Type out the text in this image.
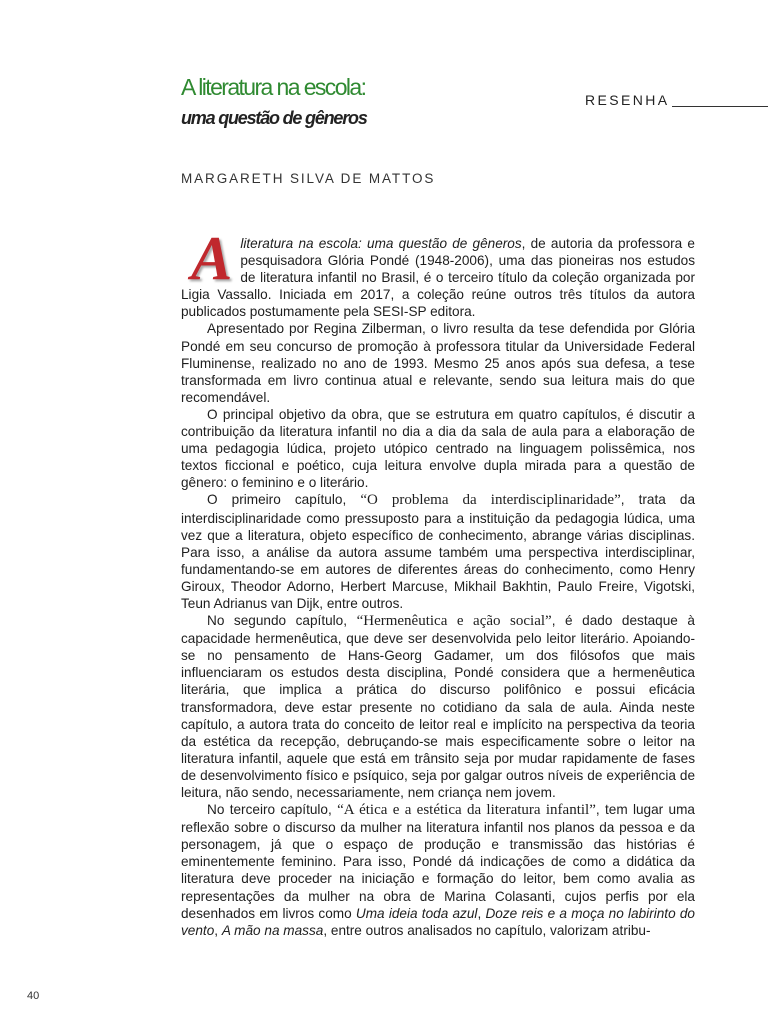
A literatura na escola:
uma questão de gêneros
RESENHA
MARGARETH SILVA DE MATTOS

Aliteratura na escola: uma questão de gêneros, de autoria da professora e pesquisadora Glória Pondé (1948-2006), uma das pioneiras nos estudos de literatura infantil no Brasil, é o terceiro título da coleção organizada por Ligia Vassallo. Iniciada em 2017, a coleção reúne outros três títulos da autora publicados postumamente pela SESI-SP editora.

Apresentado por Regina Zilberman, o livro resulta da tese defendida por Glória Pondé em seu concurso de promoção à professora titular da Universidade Federal Fluminense, realizado no ano de 1993. Mesmo 25 anos após sua defesa, a tese transformada em livro continua atual e relevante, sendo sua leitura mais do que recomendável.

O principal objetivo da obra, que se estrutura em quatro capítulos, é discutir a contribuição da literatura infantil no dia a dia da sala de aula para a elaboração de uma pedagogia lúdica, projeto utópico centrado na linguagem polissêmica, nos textos ficcional e poético, cuja leitura envolve dupla mirada para a questão de gênero: o feminino e o literário.

O primeiro capítulo, “O problema da interdisciplinaridade”, trata da interdisciplinaridade como pressuposto para a instituição da pedagogia lúdica, uma vez que a literatura, objeto específico de conhecimento, abrange várias disciplinas. Para isso, a análise da autora assume também uma perspectiva interdisciplinar, fundamentando-se em autores de diferentes áreas do conhecimento, como Henry Giroux, Theodor Adorno, Herbert Marcuse, Mikhail Bakhtin, Paulo Freire, Vigotski, Teun Adrianus van Dijk, entre outros.

No segundo capítulo, “Hermenêutica e ação social”, é dado destaque à capacidade hermenêutica, que deve ser desenvolvida pelo leitor literário. Apoiando-se no pensamento de Hans-Georg Gadamer, um dos filósofos que mais influenciaram os estudos desta disciplina, Pondé considera que a hermenêutica literária, que implica a prática do discurso polifônico e possui eficácia transformadora, deve estar presente no cotidiano da sala de aula. Ainda neste capítulo, a autora trata do conceito de leitor real e implícito na perspectiva da teoria da estética da recepção, debruçando-se mais especificamente sobre o leitor na literatura infantil, aquele que está em trânsito seja por mudar rapidamente de fases de desenvolvimento físico e psíquico, seja por galgar outros níveis de experiência de leitura, não sendo, necessariamente, nem criança nem jovem.

No terceiro capítulo, “A ética e a estética da literatura infantil”, tem lugar uma reflexão sobre o discurso da mulher na literatura infantil nos planos da pessoa e da personagem, já que o espaço de produção e transmissão das histórias é eminentemente feminino. Para isso, Pondé dá indicações de como a didática da literatura deve proceder na iniciação e formação do leitor, bem como avalia as representações da mulher na obra de Marina Colasanti, cujos perfis por ela desenhados em livros como Uma ideia toda azul, Doze reis e a moça no labirinto do vento, A mão na massa, entre outros analisados no capítulo, valorizam atribu-

40
